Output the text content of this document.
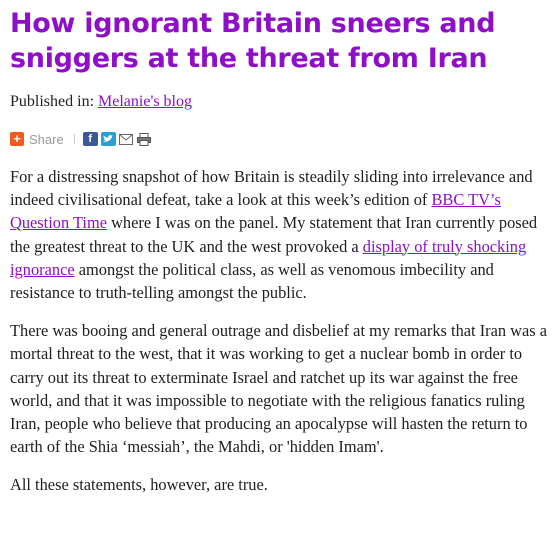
How ignorant Britain sneers and sniggers at the threat from Iran
Published in: Melanie's blog
+ Share	f

For a distressing snapshot of how Britain is steadily sliding into irrelevance and indeed civilisational defeat, take a look at this week’s edition of BBC TV’s Question Time where I was on the panel. My statement that Iran currently posed the greatest threat to the UK and the west provoked a display of truly shocking ignorance amongst the political class, as well as venomous imbecility and resistance to truth-telling amongst the public.

There was booing and general outrage and disbelief at my remarks that Iran was a mortal threat to the west, that it was working to get a nuclear bomb in order to carry out its threat to exterminate Israel and ratchet up its war against the free world, and that it was impossible to negotiate with the religious fanatics ruling Iran, people who believe that producing an apocalypse will hasten the return to earth of the Shia ‘messiah’, the Mahdi, or 'hidden Imam'.

All these statements, however, are true.
